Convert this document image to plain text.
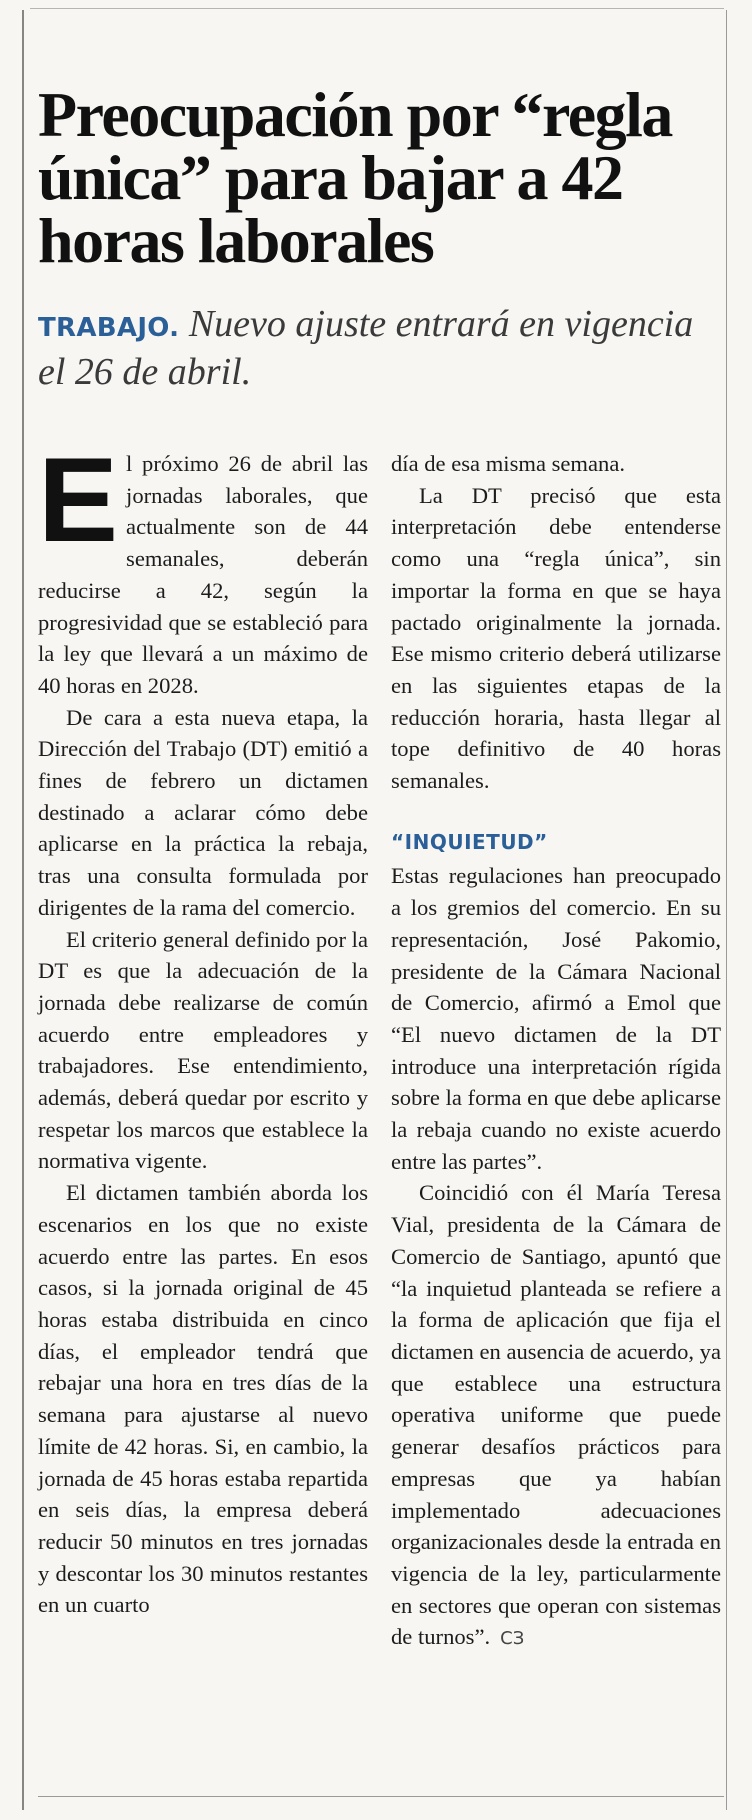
Preocupación por “regla única” para bajar a 42 horas laborales
TRABAJO. Nuevo ajuste entrará en vigencia el 26 de abril.

El próximo 26 de abril las jornadas laborales, que actualmente son de 44 semanales, deberán reducirse a 42, según la progresividad que se estableció para la ley que llevará a un máximo de 40 horas en 2028.

De cara a esta nueva etapa, la Dirección del Trabajo (DT) emitió a fines de febrero un dictamen destinado a aclarar cómo debe aplicarse en la práctica la rebaja, tras una consulta formulada por dirigentes de la rama del comercio.

El criterio general definido por la DT es que la adecuación de la jornada debe realizarse de común acuerdo entre empleadores y trabajadores. Ese entendimiento, además, deberá quedar por escrito y respetar los marcos que establece la normativa vigente.

El dictamen también aborda los escenarios en los que no existe acuerdo entre las partes. En esos casos, si la jornada original de 45 horas estaba distribuida en cinco días, el empleador tendrá que rebajar una hora en tres días de la semana para ajustarse al nuevo límite de 42 horas. Si, en cambio, la jornada de 45 horas estaba repartida en seis días, la empresa deberá reducir 50 minutos en tres jornadas y descontar los 30 minutos restantes en un cuarto

día de esa misma semana.

La DT precisó que esta interpretación debe entenderse como una “regla única”, sin importar la forma en que se haya pactado originalmente la jornada. Ese mismo criterio deberá utilizarse en las siguientes etapas de la reducción horaria, hasta llegar al tope definitivo de 40 horas semanales.

“INQUIETUD”

Estas regulaciones han preocupado a los gremios del comercio. En su representación, José Pakomio, presidente de la Cámara Nacional de Comercio, afirmó a Emol que “El nuevo dictamen de la DT introduce una interpretación rígida sobre la forma en que debe aplicarse la rebaja cuando no existe acuerdo entre las partes”.

Coincidió con él María Teresa Vial, presidenta de la Cámara de Comercio de Santiago, apuntó que “la inquietud planteada se refiere a la forma de aplicación que fija el dictamen en ausencia de acuerdo, ya que establece una estructura operativa uniforme que puede generar desafíos prácticos para empresas que ya habían implementado adecuaciones organizacionales desde la entrada en vigencia de la ley, particularmente en sectores que operan con sistemas de turnos”. CЗ
